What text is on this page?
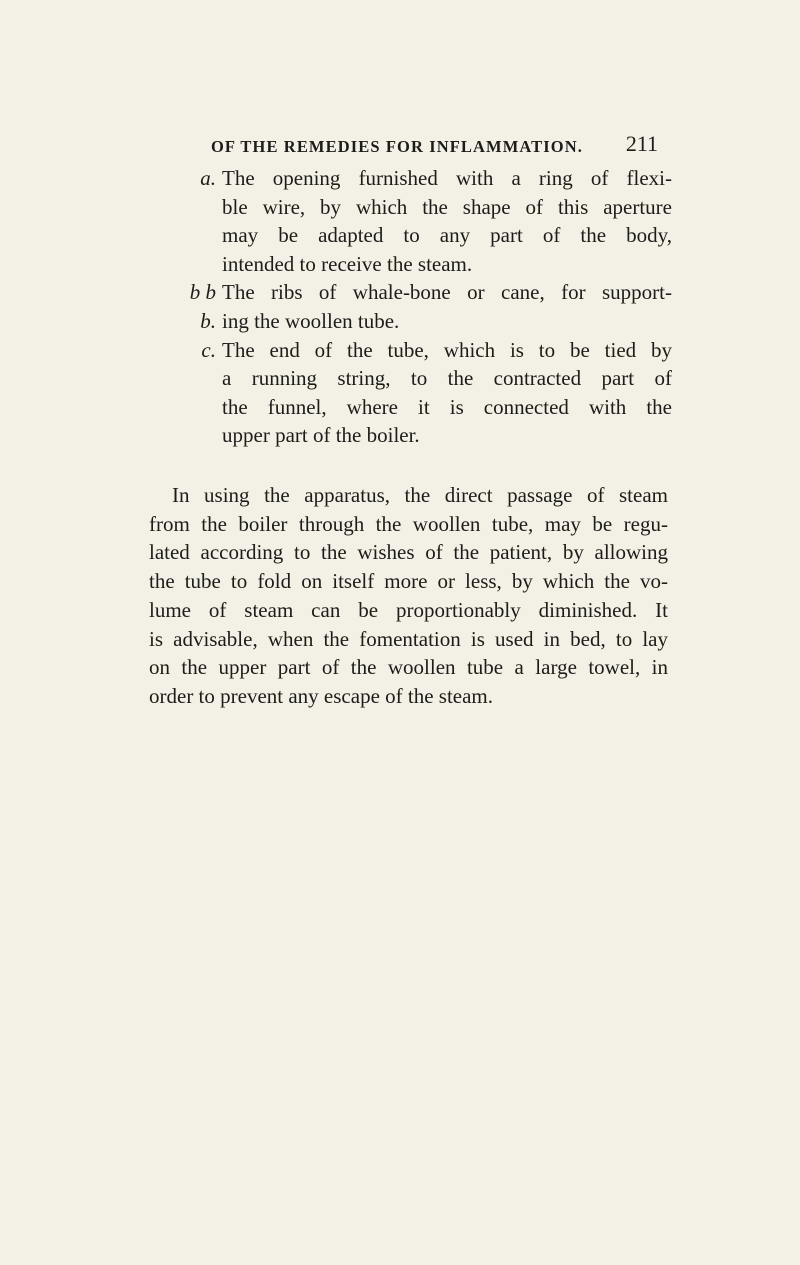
OF THE REMEDIES FOR INFLAMMATION. 211
a. The opening furnished with a ring of flexi-
ble wire, by which the shape of this aperture
may be adapted to any part of the body,
intended to receive the steam.
b b b.
The ribs of whale-bone or cane, for support-
ing the woollen tube.
c. The end of the tube, which is to be tied by
a running string, to the contracted part of
the funnel, where it is connected with the
upper part of the boiler.
In using the apparatus, the direct passage of steam
from the boiler through the woollen tube, may be regu-
lated according to the wishes of the patient, by allowing
the tube to fold on itself more or less, by which the vo-
lume of steam can be proportionably diminished. It
is advisable, when the fomentation is used in bed, to lay
on the upper part of the woollen tube a large towel, in
order to prevent any escape of the steam.
